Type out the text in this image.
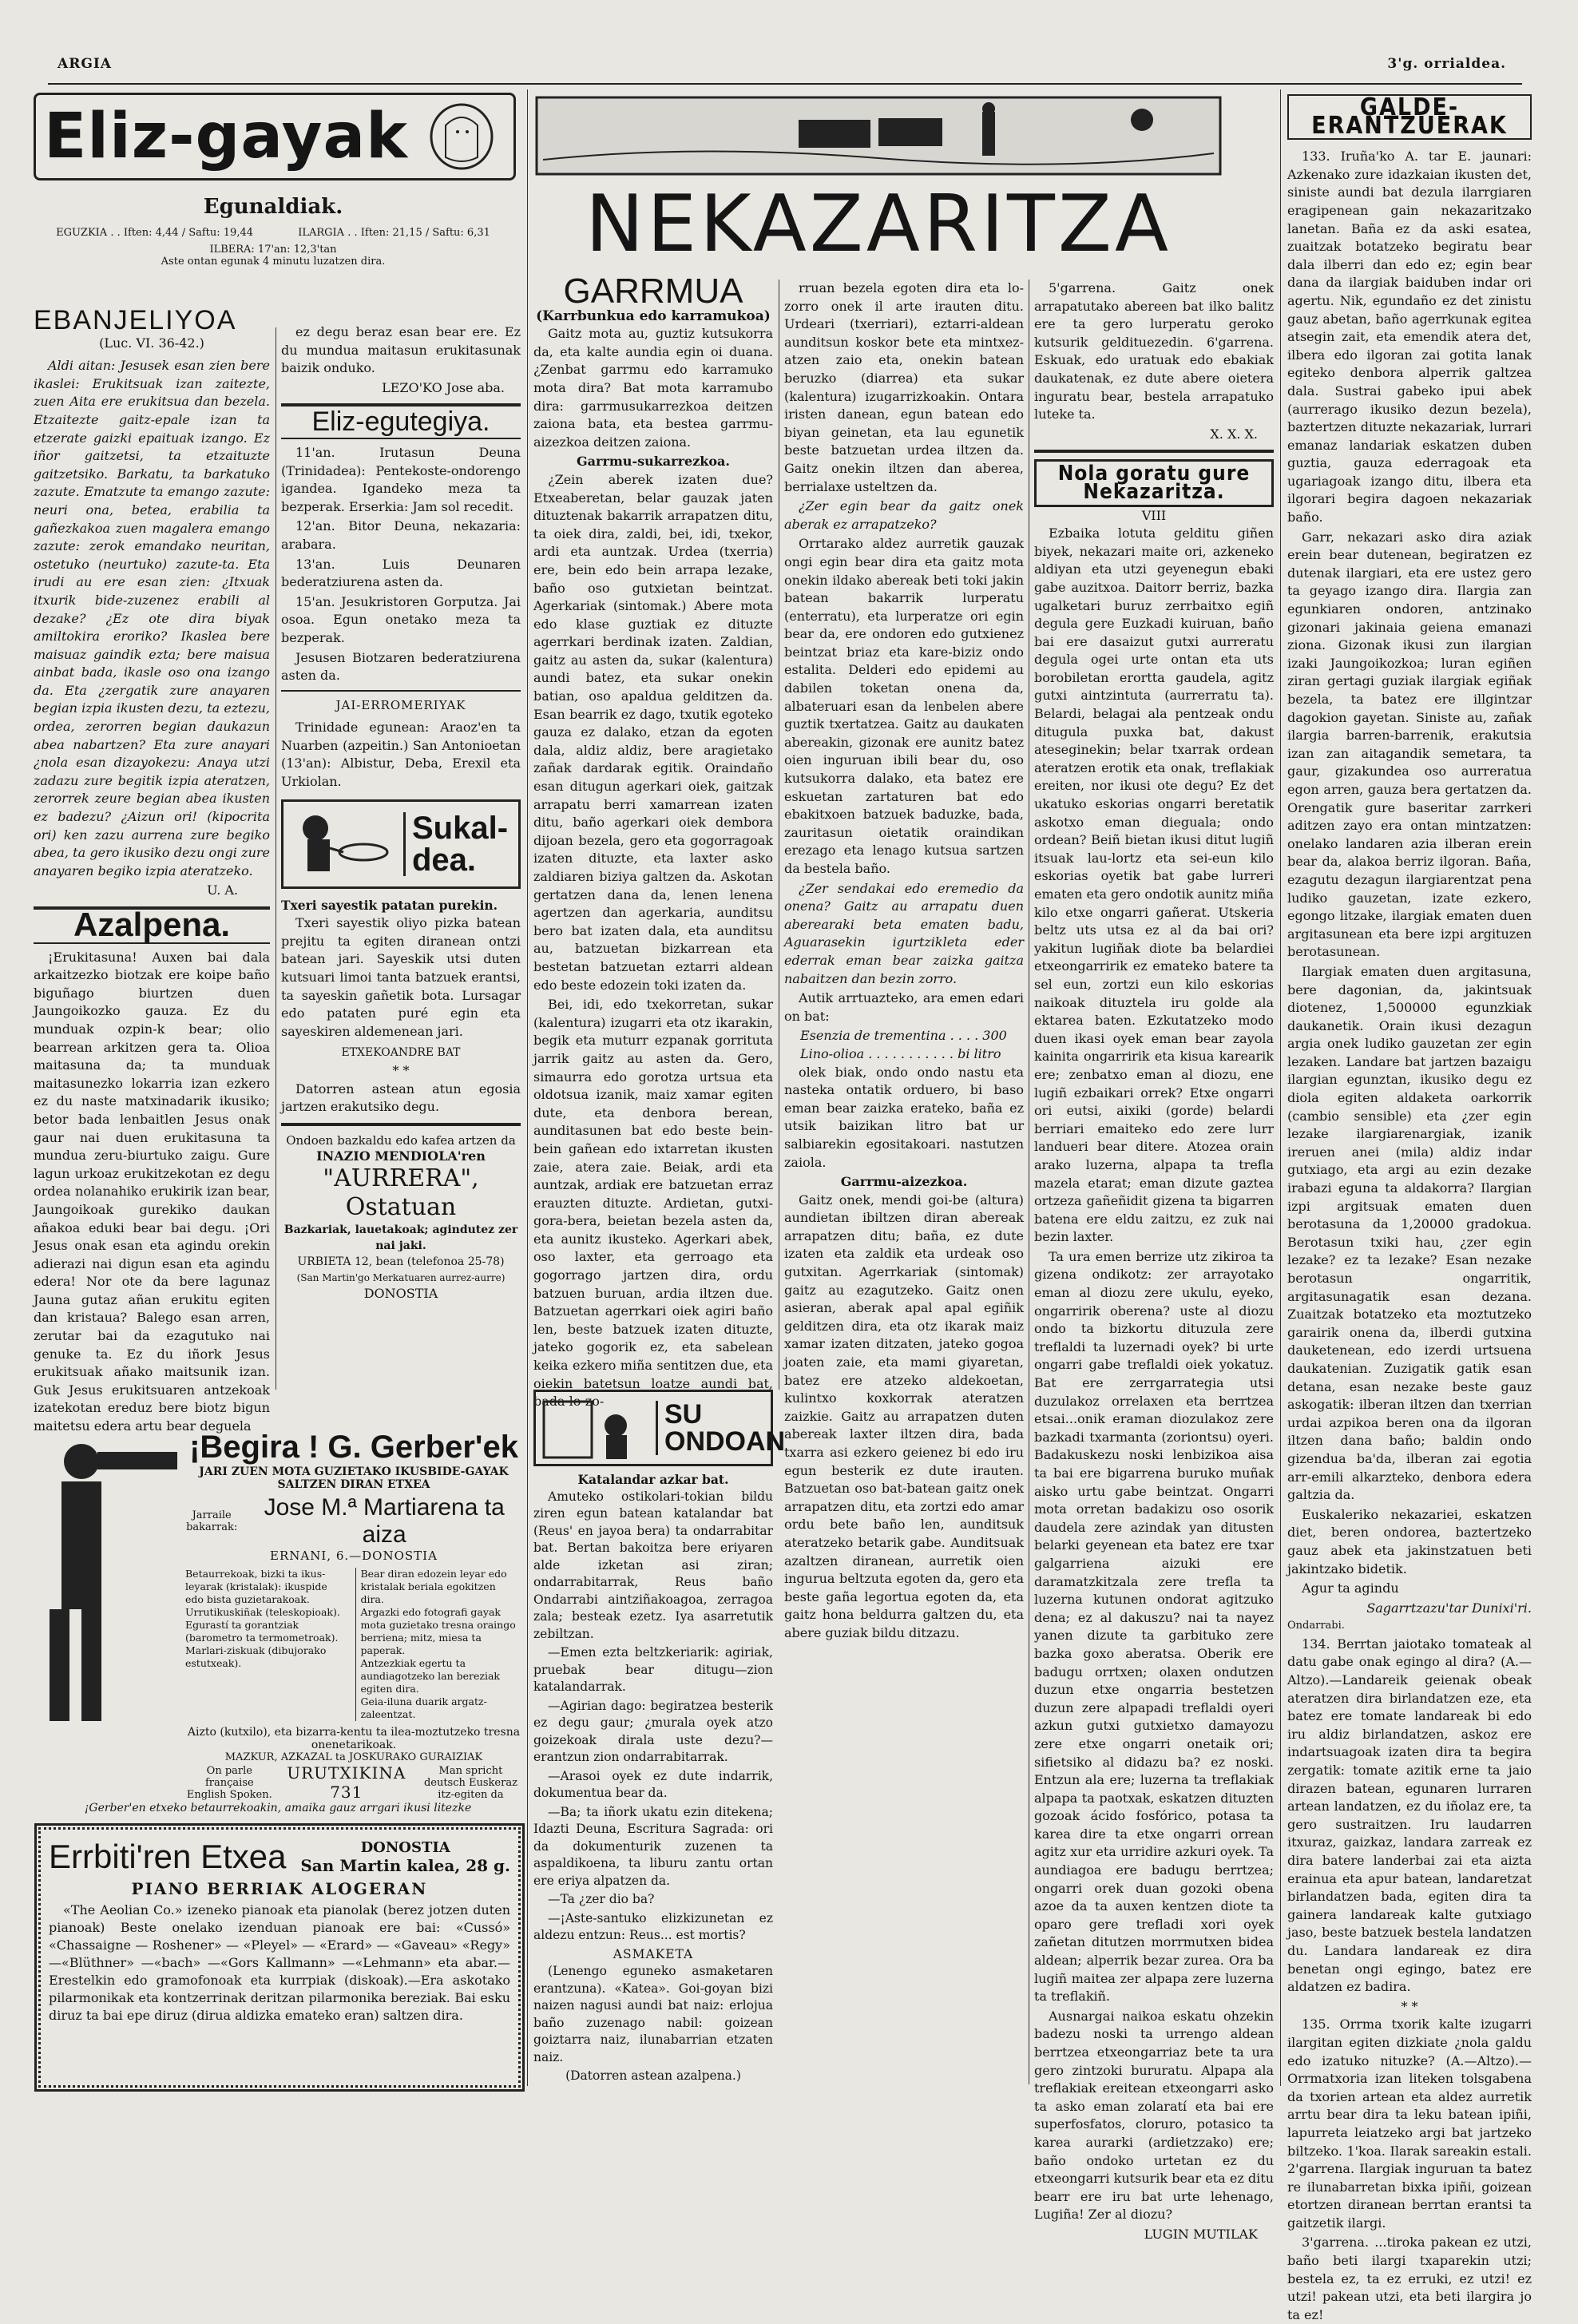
ARGIA	3'g. orrialdea.
Eliz-gayak
Egunaldiak.
EGUZKIA . . Iften: 4,44 / Saftu: 19,44	ILARGIA . . Iften: 21,15 / Saftu: 6,31
ILBERA: 17'an: 12,3'tan
Aste ontan egunak 4 minutu luzatzen dira.
EBANJELIYOA
(Luc. VI. 36-42.)

Aldi aitan: Jesusek esan zien bere ikaslei: Erukitsuak izan zaitezte, zuen Aita ere erukitsua dan bezela. Etzaitezte gaitz-epale izan ta etzerate gaizki epaituak izango. Ez iñor gaitzetsi, ta etzaituzte gaitzetsiko. Barkatu, ta barkatuko zazute. Ematzute ta emango zazute: neuri ona, betea, erabilia ta gañezkakoa zuen magalera emango zazute: zerok emandako neuritan, ostetuko (neurtuko) zazute-ta. Eta irudi au ere esan zien: ¿Itxuak itxurik bide-zuzenez erabili al dezake? ¿Ez ote dira biyak amiltokira eroriko? Ikaslea bere maisuaz gaindik ezta; bere maisua ainbat bada, ikasle oso ona izango da. Eta ¿zergatik zure anayaren begian izpia ikusten dezu, ta eztezu, ordea, zerorren begian daukazun abea nabartzen? Eta zure anayari ¿nola esan dizayokezu: Anaya utzi zadazu zure begitik izpia ateratzen, zerorrek zeure begian abea ikusten ez badezu? ¿Aizun ori! (kipocrita ori) ken zazu aurrena zure begiko abea, ta gero ikusiko dezu ongi zure anayaren begiko izpia ateratzeko.

U. A.
Azalpena.

¡Erukitasuna! Auxen bai dala arkaitzezko biotzak ere koipe baño biguñago biurtzen duen Jaungoikozko gauza. Ez du munduak ozpin-k bear; olio bearrean arkitzen gera ta. Olioa maitasuna da; ta munduak maitasunezko lokarria izan ezkero ez du naste matxinadarik ikusiko; betor bada lenbaitlen Jesus onak gaur nai duen erukitasuna ta mundua zeru-biurtuko zaigu. Gure lagun urkoaz erukitzekotan ez degu ordea nolanahiko erukirik izan bear, Jaungoikoak gurekiko daukan añakoa eduki bear bai degu. ¡Ori Jesus onak esan eta agindu orekin adierazi nai digun esan eta agindu edera! Nor ote da bere lagunaz Jauna gutaz añan erukitu egiten dan kristaua? Balego esan arren, zerutar bai da ezagutuko nai genuke ta. Ez du iñork Jesus erukitsuak añako maitsunik izan. Guk Jesus erukitsuaren antzekoak izatekotan ereduz bere biotz bigun maitetsu edera artu bear deguela

ez degu beraz esan bear ere. Ez du mundua maitasun erukitasunak baizik onduko.

LEZO'KO Jose aba.
Eliz-egutegiya.

11'an. Irutasun Deuna (Trinidadea): Pentekoste-ondorengo igandea. Igandeko meza ta bezperak. Erserkia: Jam sol recedit.

12'an. Bitor Deuna, nekazaria: arabara.

13'an. Luis Deunaren bederatziurena asten da.

15'an. Jesukristoren Gorputza. Jai osoa. Egun onetako meza ta bezperak.

Jesusen Biotzaren bederatziurena asten da.

JAI-ERROMERIYAK

Trinidade egunean: Araoz'en ta Nuarben (azpeitin.) San Antonioetan (13'an): Albistur, Deba, Erexil eta Urkiolan.

Sukal-dea.
Txeri sayestik patatan purekin.

Txeri sayestik oliyo pizka batean prejitu ta egiten diranean ontzi batean jari. Sayeskik utsi duten kutsuari limoi tanta batzuek erantsi, ta sayeskin gañetik bota. Lursagar edo pataten puré egin eta sayeskiren aldemenean jari.

ETXEKOANDRE BAT
* *

Datorren astean atun egosia jartzen erakutsiko degu.

Ondoen bazkaldu edo kafea artzen da
INAZIO MENDIOLA'ren
"AURRERA", Ostatuan
Bazkariak, lauetakoak; agindutez zer nai jaki.
URBIETA 12, bean (telefonoa 25-78)
(San Martin'go Merkatuaren aurrez-aurre)
DONOSTIA
¡Begira ! G. Gerber'ek
JARI ZUEN MOTA GUZIETAKO IKUSBIDE-GAYAK
SALTZEN DIRAN ETXEA
Jarraile bakarrak:
Jose M.ª Martiarena ta aiza
ERNANI, 6.—DONOSTIA
Betaurrekoak, bizki ta ikus-leyarak (kristalak): ikuspide edo bista guzietarakoak.
Urrutikuskiñak (teleskopioak).
Egurastí ta gorantziak (barometro ta termometroak).
Marlari-ziskuak (dibujorako estutxeak).
Bear diran edozein leyar edo kristalak beriala egokitzen dira.
Argazki edo fotografi gayak mota guzietako tresna oraingo berriena; mitz, miesa ta paperak.
Antzezkiak egertu ta aundiagotzeko lan bereziak egiten dira.
Geia-iluna duarik argatz-zaleentzat.
Aizto (kutxilo), eta bizarra-kentu ta ilea-moztutzeko tresna onenetarikoak.
MAZKUR, AZKAZAL ta JOSKURAKO GURAIZIAK
On parle française English Spoken.
URUTXIKINA 731
Man spricht deutsch Euskeraz itz-egiten da
¡Gerber'en etxeko betaurrekoakin, amaika gauz arrgari ikusi litezke
Errbiti'ren Etxea	DONOSTIA
San Martin kalea, 28 g.
PIANO BERRIAK ALOGERAN

«The Aeolian Co.» izeneko pianoak eta pianolak (berez jotzen duten pianoak) Beste onelako izenduan pianoak ere bai: «Cussó» «Chassaigne — Roshener» — «Pleyel» — «Erard» — «Gaveau» «Regy» —«Blüthner» —«bach» —«Gors Kallmann» —«Lehmann» eta abar.—Erestelkin edo gramofonoak eta kurrpiak (diskoak).—Era askotako pilarmonikak eta kontzerrinak deritzan pilarmonika bereziak. Bai esku diruz ta bai epe diruz (dirua aldizka emateko eran) saltzen dira.

NEKAZARITZA
GARRMUA
(Karrbunkua edo karramukoa)

Gaitz mota au, guztiz kutsukorra da, eta kalte aundia egin oi duana. ¿Zenbat garrmu edo karramuko mota dira? Bat mota karramubo dira: garrmusukarrezkoa deitzen zaiona bata, eta bestea garrmu-aizezkoa deitzen zaiona.

Garrmu-sukarrezkoa.

¿Zein aberek izaten due? Etxeaberetan, belar gauzak jaten dituztenak bakarrik arrapatzen ditu, ta oiek dira, zaldi, bei, idi, txekor, ardi eta auntzak. Urdea (txerria) ere, bein edo bein arrapa lezake, baño oso gutxietan beintzat. Agerkariak (sintomak.) Abere mota edo klase guztiak ez dituzte agerrkari berdinak izaten. Zaldian, gaitz au asten da, sukar (kalentura) aundi batez, eta sukar onekin batian, oso apaldua gelditzen da. Esan bearrik ez dago, txutik egoteko gauza ez dalako, etzan da egoten dala, aldiz aldiz, bere aragietako zañak dardarak egitik. Oraindaño esan ditugun agerkari oiek, gaitzak arrapatu berri xamarrean izaten ditu, baño agerkari oiek dembora dijoan bezela, gero eta gogorragoak izaten dituzte, eta laxter asko zaldiaren biziya galtzen da. Askotan gertatzen dana da, lenen lenena agertzen dan agerkaria, aunditsu bero bat izaten dala, eta aunditsu au, batzuetan bizkarrean eta bestetan batzuetan eztarri aldean edo beste edozein toki izaten da.

Bei, idi, edo txekorretan, sukar (kalentura) izugarri eta otz ikarakin, begik eta muturr ezpanak gorrituta jarrik gaitz au asten da. Gero, simaurra edo gorotza urtsua eta oldotsua izanik, maiz xamar egiten dute, eta denbora berean, aunditasunen bat edo beste bein-bein gañean edo ixtarretan ikusten zaie, atera zaie. Beiak, ardi eta auntzak, ardiak ere batzuetan erraz erauzten dituzte. Ardietan, gutxi-gora-bera, beietan bezela asten da, eta aunitz ikusteko. Agerkari abek, oso laxter, eta gerroago eta gogorrago jartzen dira, ordu batzuen buruan, ardia iltzen due. Batzuetan agerrkari oiek agiri baño len, beste batzuek izaten dituzte, jateko gogorik ez, eta sabelean keika ezkero miña sentitzen due, eta oiekin batetsun loatze aundi bat, bada lo-zo-	SU ONDOAN
Katalandar azkar bat.

Amuteko ostikolari-tokian bildu ziren egun batean katalandar bat (Reus' en jayoa bera) ta ondarrabitar bat. Bertan bakoitza bere eriyaren alde izketan asi ziran; ondarrabitarrak, Reus baño Ondarrabi aintziñakoagoa, zerragoa zala; besteak ezetz. Iya asarretutik zebiltzan.

—Emen ezta beltzkeriarik: agiriak, pruebak bear ditugu—zion katalandarrak.

—Agirian dago: begiratzea besterik ez degu gaur; ¿murala oyek atzo goizekoak dirala uste dezu?—erantzun zion ondarrabitarrak.

—Arasoi oyek ez dute indarrik, dokumentua bear da.

—Ba; ta iñork ukatu ezin ditekena; Idazti Deuna, Escritura Sagrada: ori da dokumenturik zuzenen ta aspaldikoena, ta liburu zantu ortan ere eriya alpatzen da.

—Ta ¿zer dio ba?

—¡Aste-santuko elizkizunetan ez aldezu entzun: Reus... est mortis?

ASMAKETA

(Lenengo eguneko asmaketaren erantzuna). «Katea». Goi-goyan bizi naizen nagusi aundi bat naiz: erlojua baño zuzenago nabil: goizean goiztarra naiz, ilunabarrian etzaten naiz.

(Datorren astean azalpena.)

rruan bezela egoten dira eta lo-zorro onek il arte irauten ditu. Urdeari (txerriari), eztarri-aldean aunditsun koskor bete eta mintxez-atzen zaio eta, onekin batean beruzko (diarrea) eta sukar (kalentura) izugarrizkoakin. Ontara iristen danean, egun batean edo biyan geinetan, eta lau egunetik beste batzuetan urdea iltzen da. Gaitz onekin iltzen dan aberea, berrialaxe usteltzen da.

¿Zer egin bear da gaitz onek aberak ez arrapatzeko?

Orrtarako aldez aurretik gauzak ongi egin bear dira eta gaitz mota onekin ildako abereak beti toki jakin batean bakarrik lurperatu (enterratu), eta lurperatze ori egin bear da, ere ondoren edo gutxienez beintzat briaz eta kare-biziz ondo estalita. Delderi edo epidemi au dabilen toketan onena da, albateruari esan da lenbelen abere guztik txertatzea. Gaitz au daukaten abereakin, gizonak ere aunitz batez oien inguruan ibili bear du, oso kutsukorra dalako, eta batez ere eskuetan zartaturen bat edo ebakitxoen batzuek baduzke, bada, zauritasun oietatik oraindikan erezago eta lenago kutsua sartzen da bestela baño.

¿Zer sendakai edo eremedio da onena? Gaitz au arrapatu duen aberearaki beta ematen badu, Aguarasekin igurtzikleta eder ederrak eman bear zaizka gaitza nabaitzen dan bezin zorro.

Autik arrtuazteko, ara emen edari on bat:

Esenzia de trementina . . . . 300
Lino-olioa . . . . . . . . . . . bi litro

olek biak, ondo ondo nastu eta nasteka ontatik orduero, bi baso eman bear zaizka erateko, baña ez utsik baizikan litro bat ur salbiarekin egositakoari. nastutzen zaiola.

Garrmu-aizezkoa.

Gaitz onek, mendi goi-be (altura) aundietan ibiltzen diran abereak arrapatzen ditu; baña, ez dute izaten eta zaldik eta urdeak oso gutxitan. Agerrkariak (sintomak) gaitz au ezagutzeko. Gaitz onen asieran, aberak apal apal egiñik gelditzen dira, eta otz ikarak maiz xamar izaten ditzaten, jateko gogoa joaten zaie, eta mami giyaretan, batez ere atzeko aldekoetan, kulintxo koxkorrak ateratzen zaizkie. Gaitz au arrapatzen duten abereak laxter iltzen dira, bada txarra asi ezkero geienez bi edo iru egun besterik ez dute irauten. Batzuetan oso bat-batean gaitz onek arrapatzen ditu, eta zortzi edo amar ordu bete baño len, aunditsuk ateratzeko betarik gabe. Aunditsuak azaltzen diranean, aurretik oien ingurua beltzuta egoten da, gero eta beste gaña legortua egoten da, eta gaitz hona beldurra galtzen du, eta abere guziak bildu ditzazu.

5'garrena. Gaitz onek arrapatutako abereen bat ilko balitz ere ta gero lurperatu geroko kutsurik geldituezedin. 6'garrena. Eskuak, edo uratuak edo ebakiak daukatenak, ez dute abere oietera inguratu bear, bestela arrapatuko luteke ta.

X. X. X.
Nola goratu gure Nekazaritza.
VIII

Ezbaika lotuta gelditu giñen biyek, nekazari maite ori, azkeneko aldiyan eta utzi geyenegun ebaki gabe auzitxoa. Daitorr berriz, bazka ugalketari buruz zerrbaitxo egiñ degula gere Euzkadi kuiruan, baño bai ere dasaizut gutxi aurreratu degula ogei urte ontan eta uts borobiletan erortta gaudela, agitz gutxi aintzintuta (aurrerratu ta). Belardi, belagai ala pentzeak ondu ditugula puxka bat, dakust ateseginekin; belar txarrak ordean ateratzen erotik eta onak, treflakiak ereiten, nor ikusi ote degu? Ez det ukatuko eskorias ongarri beretatik askotxo eman dieguala; ondo ordean? Beiñ bietan ikusi ditut lugiñ itsuak lau-lortz eta sei-eun kilo eskorias oyetik bat gabe lurreri ematen eta gero ondotik aunitz miña kilo etxe ongarri gañerat. Utskeria beltz uts utsa ez al da bai ori? yakitun lugiñak diote ba belardiei etxeongarririk ez emateko batere ta sel eun, zortzi eun kilo eskorias naikoak dituztela iru golde ala ektarea baten. Ezkutatzeko modo duen ikasi oyek eman bear zayola kainita ongarririk eta kisua karearik ere; zenbatxo eman al diozu, ene lugiñ ezbaikari orrek? Etxe ongarri ori eutsi, aixiki (gorde) belardi berriari emaiteko edo zere lurr landueri bear ditere. Atozea orain arako luzerna, alpapa ta trefla mazela etarat; eman dizute gaztea ortzeza gañeñidit gizena ta bigarren batena ere eldu zaitzu, ez zuk nai bezin laxter.

Ta ura emen berrize utz zikiroa ta gizena ondikotz: zer arrayotako eman al diozu zere ukulu, eyeko, ongarririk oberena? uste al diozu ondo ta bizkortu dituzula zere treflaldi ta luzernadi oyek? bi urte ongarri gabe treflaldi oiek yokatuz. Bat ere zerrgarrategia utsi duzulakoz orrelaxen eta berrtzea etsai...onik eraman diozulakoz zere bazkadi txarmanta (zoriontsu) oyeri. Badakuskezu noski lenbizikoa aisa ta bai ere bigarrena buruko muñak aisko urtu gabe beintzat. Ongarri mota orretan badakizu oso osorik daudela zere azindak yan ditusten belarki geyenean eta batez ere txar galgarriena aizuki ere daramatzkitzala zere trefla ta luzerna kutunen ondorat agitzuko dena; ez al dakuszu? nai ta nayez yanen dizute ta garbituko zere bazka goxo aberatsa. Oberik ere badugu orrtxen; olaxen ondutzen duzun etxe ongarria bestetzen duzun zere alpapadi treflaldi oyeri azkun gutxi gutxietxo damayozu zere etxe ongarri onetaik ori; sifietsiko al didazu ba? ez noski. Entzun ala ere; luzerna ta treflakiak alpapa ta paotxak, eskatzen dituzten gozoak ácido fosfórico, potasa ta karea dire ta etxe ongarri orrean agitz xur eta urridire azkuri oyek. Ta aundiagoa ere badugu berrtzea; ongarri orek duan gozoki obena azoe da ta auxen kentzen diote ta oparo gere trefladi xori oyek zañetan ditutzen morrmutxen bidea aldean; alperrik bezar zurea. Ora ba lugiñ maitea zer alpapa zere luzerna ta treflakiñ.

Ausnargai naikoa eskatu ohzekin badezu noski ta urrengo aldean berrtzea etxeongarriaz bete ta ura gero zintzoki bururatu. Alpapa ala treflakiak ereitean etxeongarri asko ta asko eman zolaratí eta bai ere superfosfatos, cloruro, potasico ta karea aurarki (ardietzzako) ere; baño ondoko urtetan ez du etxeongarri kutsurik bear eta ez ditu bearr ere iru bat urte lehenago, Lugiña! Zer al diozu?

LUGIN MUTILAK
GALDE-ERANTZUERAK

133. Iruña'ko A. tar E. jaunari: Azkenako zure idazkaian ikusten det, siniste aundi bat dezula ilarrgiaren eragipenean gain nekazaritzako lanetan. Baña ez da aski esatea, zuaitzak botatzeko begiratu bear dala ilberri dan edo ez; egin bear dana da ilargiak baiduben indar ori agertu. Nik, egundaño ez det zinistu gauz abetan, baño agerrkunak egitea atsegin zait, eta emendik atera det, ilbera edo ilgoran zai gotita lanak egiteko denbora alperrik galtzea dala. Sustrai gabeko ipui abek (aurrerago ikusiko dezun bezela), baztertzen dituzte nekazariak, lurrari emanaz landariak eskatzen duben guztia, gauza ederragoak eta ugariagoak izango ditu, ilbera eta ilgorari begira dagoen nekazariak baño.

Garr, nekazari asko dira aziak erein bear dutenean, begiratzen ez dutenak ilargiari, eta ere ustez gero ta geyago izango dira. Ilargia zan egunkiaren ondoren, antzinako gizonari jakinaia geiena emanazi ziona. Gizonak ikusi zun ilargian izaki Jaungoikozkoa; luran egiñen ziran gertagi guziak ilargiak egiñak bezela, ta batez ere illgintzar dagokion gayetan. Siniste au, zañak ilargia barren-barrenik, erakutsia izan zan aitagandik semetara, ta gaur, gizakundea oso aurreratua egon arren, gauza bera gertatzen da. Orengatik gure baseritar zarrkeri aditzen zayo era ontan mintzatzen: onelako landaren azia ilberan erein bear da, alakoa berriz ilgoran. Baña, ezagutu dezagun ilargiarentzat pena ludiko gauzetan, izate ezkero, egongo litzake, ilargiak ematen duen argitasunean eta bere izpi argituzen berotasunean.

Ilargiak ematen duen argitasuna, bere dagonian, da, jakintsuak diotenez, 1,500000 egunzkiak daukanetik. Orain ikusi dezagun argia onek ludiko gauzetan zer egin lezaken. Landare bat jartzen bazaigu ilargian egunztan, ikusiko degu ez diola egiten aldaketa oarkorrik (cambio sensible) eta ¿zer egin lezake ilargiarenargiak, izanik ireruen anei (mila) aldiz indar gutxiago, eta argi au ezin dezake irabazi eguna ta aldakorra? Ilargian izpi argitsuak ematen duen berotasuna da 1,20000 gradokua. Berotasun txiki hau, ¿zer egin lezake? ez ta lezake? Esan nezake berotasun ongarritik, argitasunagatik esan dezana. Zuaitzak botatzeko eta moztutzeko garairik onena da, ilberdi gutxina dauketenean, edo izerdi urtsuena daukatenian. Zuzigatik gatik esan detana, esan nezake beste gauz askogatik: ilberan iltzen dan txerrian urdai azpikoa beren ona da ilgoran iltzen dana baño; baldin ondo gizendua ba'da, ilberan zai egotia arr-emili alkarzteko, denbora edera galtzia da.

Euskaleriko nekazariei, eskatzen diet, beren ondorea, baztertzeko gauz abek eta jakinstzatuen beti jakintzako bidetik.

Agur ta agindu

Sagarrtzazu'tar Dunixi'ri.
Ondarrabi.

134. Berrtan jaiotako tomateak al datu gabe onak egingo al dira? (A.—Altzo).—Landareik geienak obeak ateratzen dira birlandatzen eze, eta batez ere tomate landareak bi edo iru aldiz birlandatzen, askoz ere indartsuagoak izaten dira ta begira zergatik: tomate azitik erne ta jaio dirazen batean, egunaren lurraren artean landatzen, ez du iñolaz ere, ta gero sustraitzen. Iru laudarren itxuraz, gaizkaz, landara zarreak ez dira batere landerbai zai eta aizta erainua eta apur batean, landaretzat birlandatzen bada, egiten dira ta gainera landareak kalte gutxiago jaso, beste batzuek bestela landatzen du. Landara landareak ez dira benetan ongi egingo, batez ere aldatzen ez badira.

* *

135. Orrma txorik kalte izugarri ilargitan egiten dizkiate ¿nola galdu edo izatuko nituzke? (A.—Altzo).—Orrmatxoria izan liteken tolsgabena da txorien artean eta aldez aurretik arrtu bear dira ta leku batean ipiñi, lapurreta leiatzeko argi bat jartzeko biltzeko. 1'koa. Ilarak sareakin estali. 2'garrena. Ilargiak inguruan ta batez re ilunabarretan bixka ipiñi, goizean etortzen diranean berrtan erantsi ta gaitzetik ilargi.

3'garrena. ...tiroka pakean ez utzi, baño beti ilargi txaparekin utzi; bestela ez, ta ez erruki, ez utzi! ez utzi! pakean utzi, eta beti ilargira jo ta ez!
